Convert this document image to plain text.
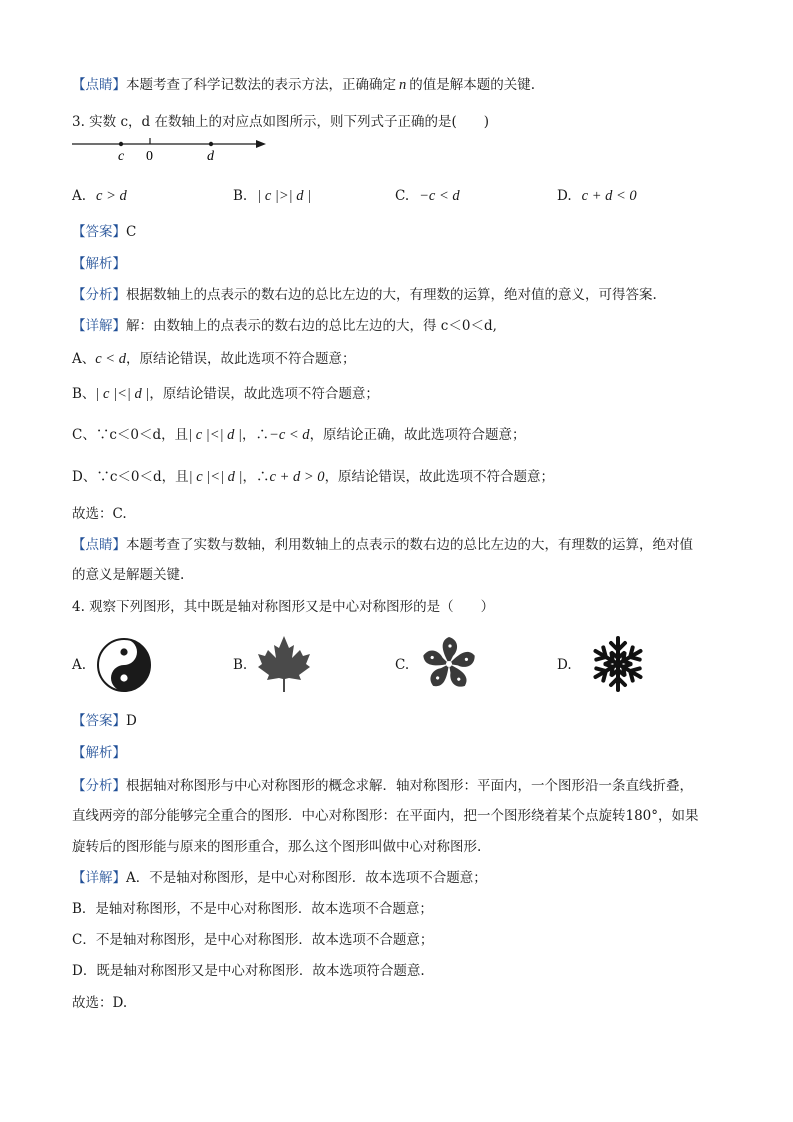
【点睛】本题考查了科学记数法的表示方法，正确确定 n 的值是解本题的关键.
3. 实数 c，d 在数轴上的对应点如图所示，则下列式子正确的是(　　)
c 0	d
A. c > d	B. | c |>| d |	C. −c < d	D. c + d < 0
【答案】C
【解析】
【分析】根据数轴上的点表示的数右边的总比左边的大，有理数的运算，绝对值的意义，可得答案.
【详解】解：由数轴上的点表示的数右边的总比左边的大，得 c＜0＜d,
A、c < d，原结论错误，故此选项不符合题意；
B、| c |<| d |，原结论错误，故此选项不符合题意；
C、∵c＜0＜d，且| c |<| d |，∴−c < d，原结论正确，故此选项符合题意；
D、∵c＜0＜d，且| c |<| d |，∴c + d > 0，原结论错误，故此选项不符合题意；
故选：C.
【点睛】本题考查了实数与数轴，利用数轴上的点表示的数右边的总比左边的大，有理数的运算，绝对值
的意义是解题关键.
4. 观察下列图形，其中既是轴对称图形又是中心对称图形的是（　　）
A.	B.	C.	D.
【答案】D
【解析】
【分析】根据轴对称图形与中心对称图形的概念求解．轴对称图形：平面内，一个图形沿一条直线折叠，
直线两旁的部分能够完全重合的图形．中心对称图形：在平面内，把一个图形绕着某个点旋转180°，如果
旋转后的图形能与原来的图形重合，那么这个图形叫做中心对称图形.
【详解】A．不是轴对称图形，是中心对称图形．故本选项不合题意；
B．是轴对称图形，不是中心对称图形．故本选项不合题意；
C．不是轴对称图形，是中心对称图形．故本选项不合题意；
D．既是轴对称图形又是中心对称图形．故本选项符合题意.
故选：D.
